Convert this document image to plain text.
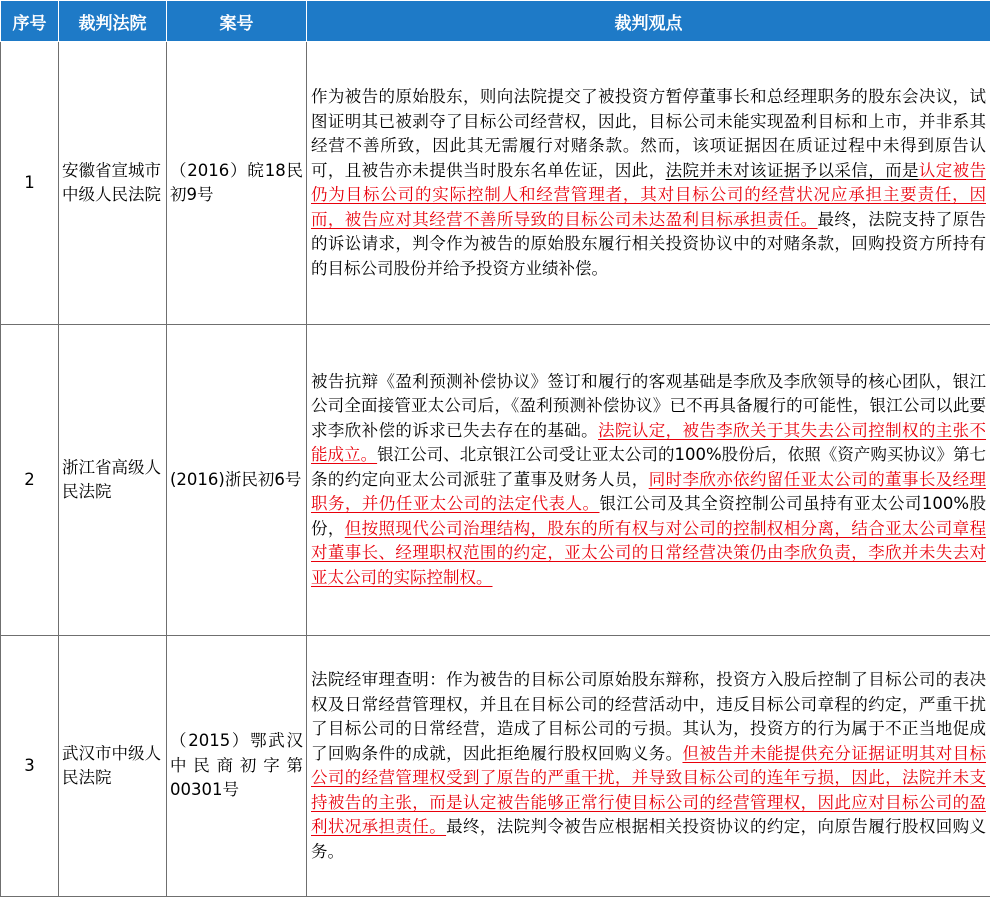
序号	裁判法院	案号	裁判观点
1	安徽省宣城市中级人民法院	（2016）皖18民初9号	作为被告的原始股东，则向法院提交了被投资方暂停董事长和总经理职务的股东会决议，试图证明其已被剥夺了目标公司经营权，因此，目标公司未能实现盈利目标和上市，并非系其经营不善所致，因此其无需履行对赌条款。然而，该项证据因在质证过程中未得到原告认可，且被告亦未提供当时股东名单佐证，因此，法院并未对该证据予以采信，而是认定被告仍为目标公司的实际控制人和经营管理者，其对目标公司的经营状况应承担主要责任，因而，被告应对其经营不善所导致的目标公司未达盈利目标承担责任。最终，法院支持了原告的诉讼请求，判令作为被告的原始股东履行相关投资协议中的对赌条款，回购投资方所持有的目标公司股份并给予投资方业绩补偿。
2	浙江省高级人民法院	(2016)浙民初6号	被告抗辩《盈利预测补偿协议》签订和履行的客观基础是李欣及李欣领导的核心团队，银江公司全面接管亚太公司后，《盈利预测补偿协议》已不再具备履行的可能性，银江公司以此要求李欣补偿的诉求已失去存在的基础。法院认定，被告李欣关于其失去公司控制权的主张不能成立。银江公司、北京银江公司受让亚太公司的100%股份后，依照《资产购买协议》第七条的约定向亚太公司派驻了董事及财务人员，同时李欣亦依约留任亚太公司的董事长及经理职务，并仍任亚太公司的法定代表人。银江公司及其全资控制公司虽持有亚太公司100%股份，但按照现代公司治理结构，股东的所有权与对公司的控制权相分离，结合亚太公司章程对董事长、经理职权范围的约定，亚太公司的日常经营决策仍由李欣负责，李欣并未失去对亚太公司的实际控制权。
3	武汉市中级人民法院	（2015）鄂武汉中民商初字第00301号	法院经审理查明：作为被告的目标公司原始股东辩称，投资方入股后控制了目标公司的表决权及日常经营管理权，并且在目标公司的经营活动中，违反目标公司章程的约定，严重干扰了目标公司的日常经营，造成了目标公司的亏损。其认为，投资方的行为属于不正当地促成了回购条件的成就，因此拒绝履行股权回购义务。但被告并未能提供充分证据证明其对目标公司的经营管理权受到了原告的严重干扰，并导致目标公司的连年亏损，因此，法院并未支持被告的主张，而是认定被告能够正常行使目标公司的经营管理权，因此应对目标公司的盈利状况承担责任。最终，法院判令被告应根据相关投资协议的约定，向原告履行股权回购义务。
